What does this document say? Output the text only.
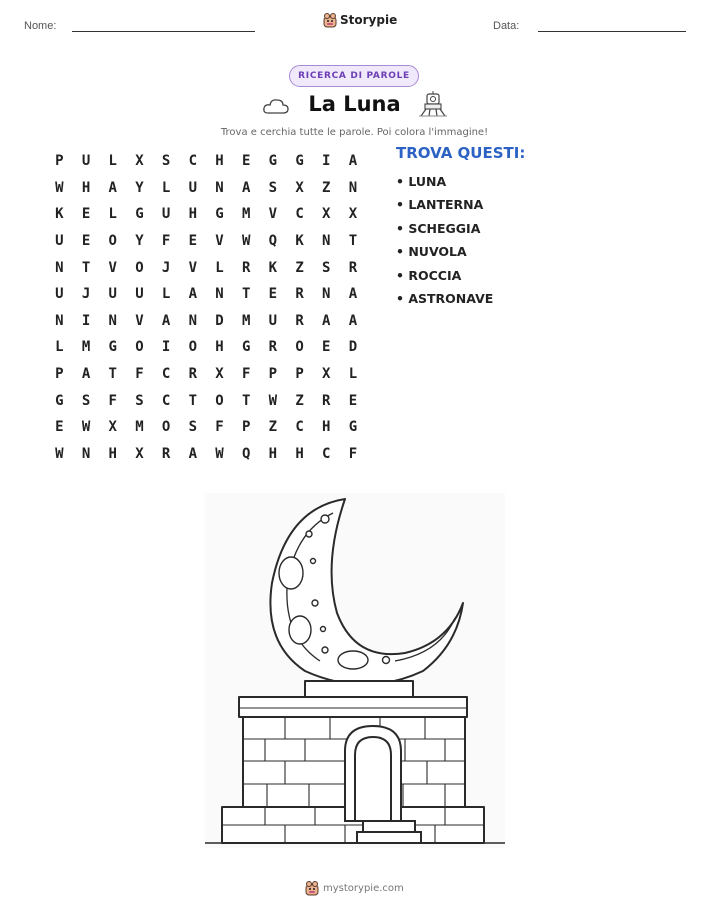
Nome:	Storypie	Data:
RICERCA DI PAROLE
La Luna
Trova e cerchia tutte le parole. Poi colora l'immagine!
P	U	L	X	S	C	H	E	G	G	I	A
W	H	A	Y	L	U	N	A	S	X	Z	N
K	E	L	G	U	H	G	M	V	C	X	X
U	E	O	Y	F	E	V	W	Q	K	N	T
N	T	V	O	J	V	L	R	K	Z	S	R
U	J	U	U	L	A	N	T	E	R	N	A
N	I	N	V	A	N	D	M	U	R	A	A
L	M	G	O	I	O	H	G	R	O	E	D
P	A	T	F	C	R	X	F	P	P	X	L
G	S	F	S	C	T	O	T	W	Z	R	E
E	W	X	M	O	S	F	P	Z	C	H	G
W	N	H	X	R	A	W	Q	H	H	C	F
TROVA QUESTI:
• LUNA
• LANTERNA
• SCHEGGIA
• NUVOLA
• ROCCIA
• ASTRONAVE
mystorypie.com
